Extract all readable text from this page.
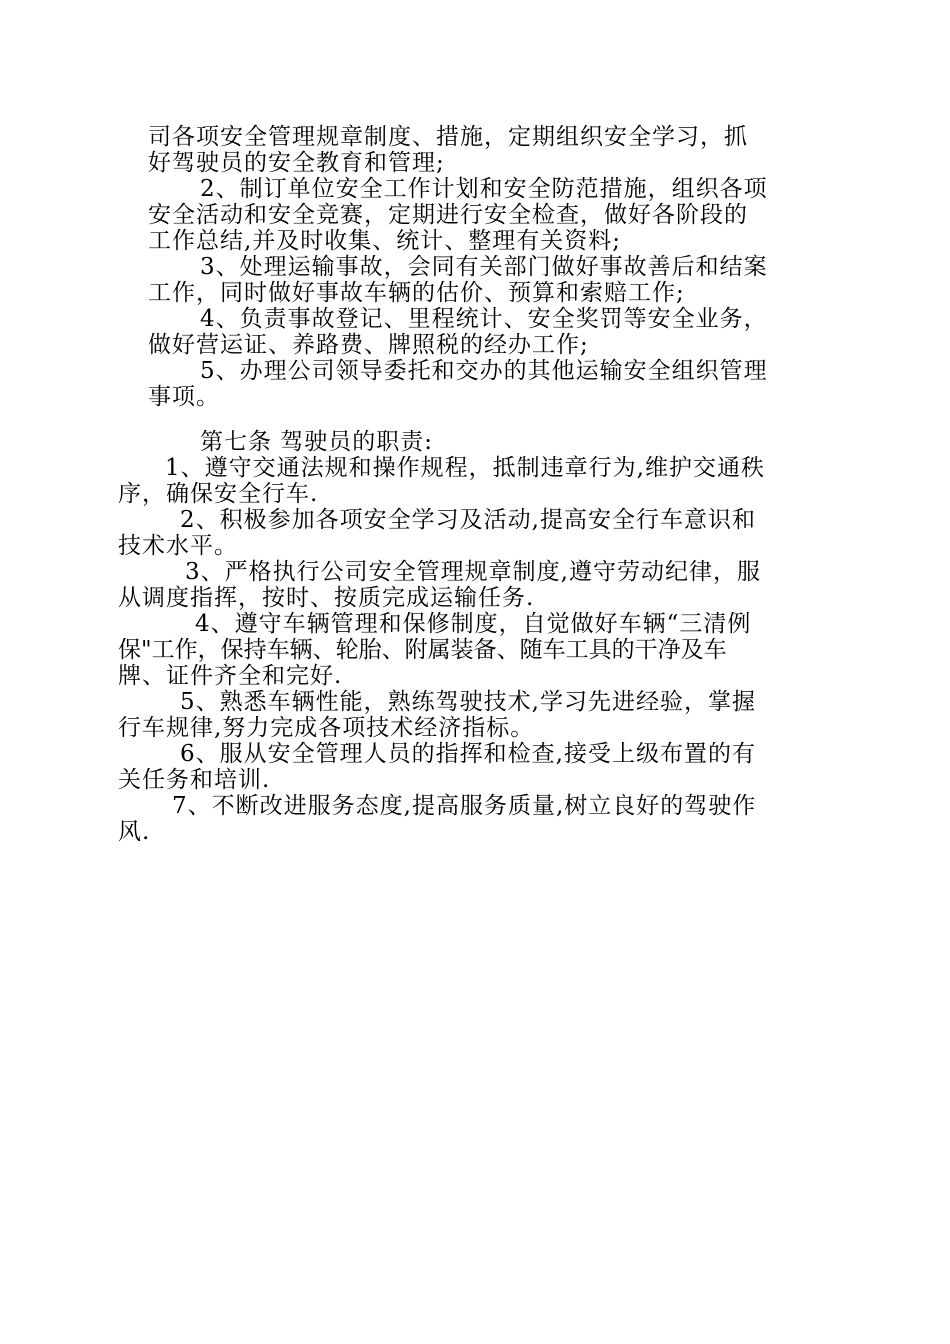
司各项安全管理规章制度、措施，定期组织安全学习，抓
好驾驶员的安全教育和管理;
2、制订单位安全工作计划和安全防范措施，组织各项
安全活动和安全竞赛，定期进行安全检查，做好各阶段的
工作总结,并及时收集、统计、整理有关资料;
3、处理运输事故，会同有关部门做好事故善后和结案
工作，同时做好事故车辆的估价、预算和索赔工作;
4、负责事故登记、里程统计、安全奖罚等安全业务，
做好营运证、养路费、牌照税的经办工作;
5、办理公司领导委托和交办的其他运输安全组织管理
事项。
第七条 驾驶员的职责:
1、遵守交通法规和操作规程，抵制违章行为,维护交通秩
序，确保安全行车.
2、积极参加各项安全学习及活动,提高安全行车意识和
技术水平。
3、严格执行公司安全管理规章制度,遵守劳动纪律，服
从调度指挥，按时、按质完成运输任务.
4、遵守车辆管理和保修制度，自觉做好车辆“三清例
保"工作，保持车辆、轮胎、附属装备、随车工具的干净及车
牌、证件齐全和完好.
5、熟悉车辆性能，熟练驾驶技术,学习先进经验，掌握
行车规律,努力完成各项技术经济指标。
6、服从安全管理人员的指挥和检查,接受上级布置的有
关任务和培训.
7、不断改进服务态度,提高服务质量,树立良好的驾驶作
风.
